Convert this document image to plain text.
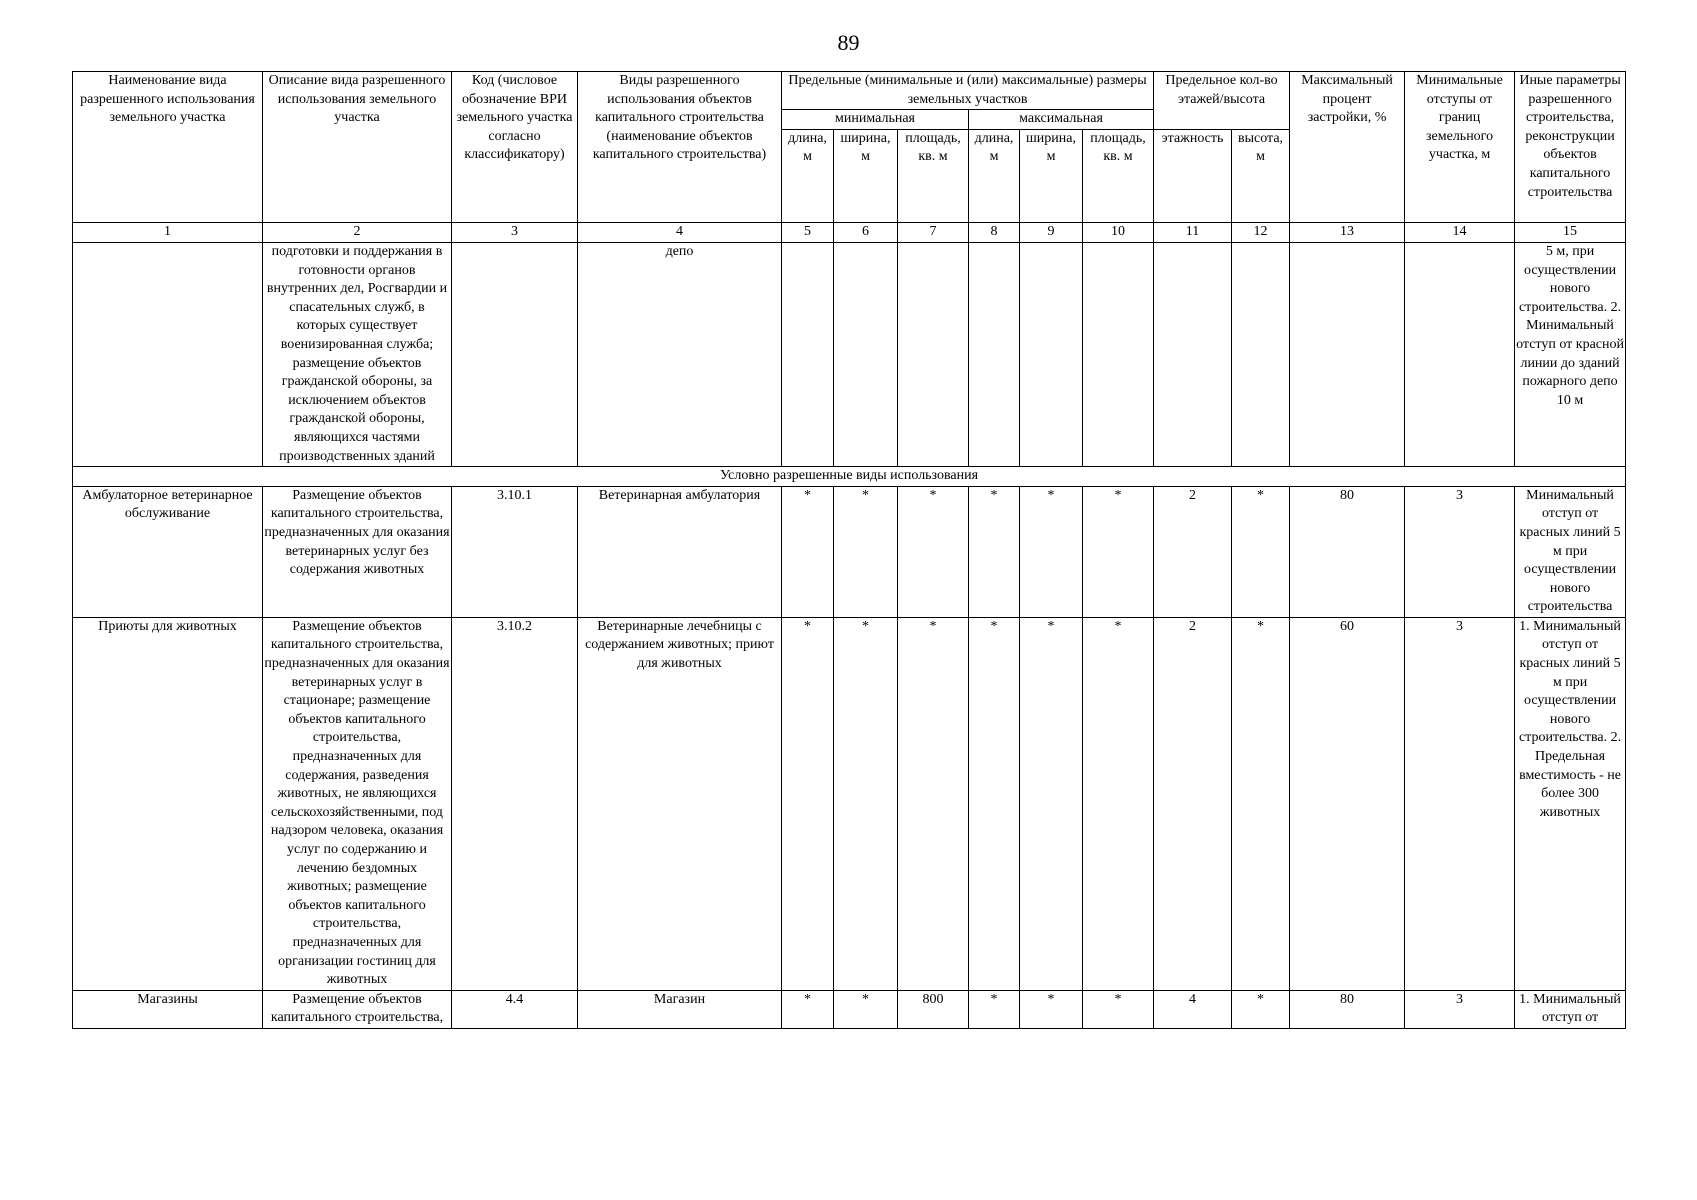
89
Наименование вида разрешенного использования земельного участка	Описание вида разрешенного использования земельного участка	Код (числовое обозначение ВРИ земельного участка согласно классификатору)	Виды разрешенного использования объектов капитального строительства (наименование объектов капитального строительства)	Предельные (минимальные и (или) максимальные) размеры земельных участков						Предельное кол-во этажей/высота		Максимальный процент застройки, %	Минимальные отступы от границ земельного участка, м	Иные параметры разрешенного строительства, реконструкции объектов капитального строительства
				минимальная			максимальная							
				длина, м	ширина, м	площадь, кв. м	длина, м	ширина, м	площадь, кв. м	этажность	высота, м			

1	2	3	4	5	6	7	8	9	10	11	12	13	14	15
	подготовки и поддержания в готовности органов внутренних дел, Росгвардии и спасательных служб, в которых существует военизированная служба; размещение объектов гражданской обороны, за исключением объектов гражданской обороны, являющихся частями производственных зданий		депо											5 м, при осуществлении нового строительства. 2. Минимальный отступ от красной линии до зданий пожарного депо 10 м
Условно разрешенные виды использования														
Амбулаторное ветеринарное обслуживание	Размещение объектов капитального строительства, предназначенных для оказания ветеринарных услуг без содержания животных	3.10.1	Ветеринарная амбулатория	*	*	*	*	*	*	2	*	80	3	Минимальный отступ от красных линий 5 м при осуществлении нового строительства
Приюты для животных	Размещение объектов капитального строительства, предназначенных для оказания ветеринарных услуг в стационаре; размещение объектов капитального строительства, предназначенных для содержания, разведения животных, не являющихся сельскохозяйственными, под надзором человека, оказания услуг по содержанию и лечению бездомных животных; размещение объектов капитального строительства, предназначенных для организации гостиниц для животных	3.10.2	Ветеринарные лечебницы с содержанием животных; приют для животных	*	*	*	*	*	*	2	*	60	3	1. Минимальный отступ от красных линий 5 м при осуществлении нового строительства. 2. Предельная вместимость - не более 300 животных
Магазины	Размещение объектов капитального строительства,	4.4	Магазин	*	*	800	*	*	*	4	*	80	3	1. Минимальный отступ от
